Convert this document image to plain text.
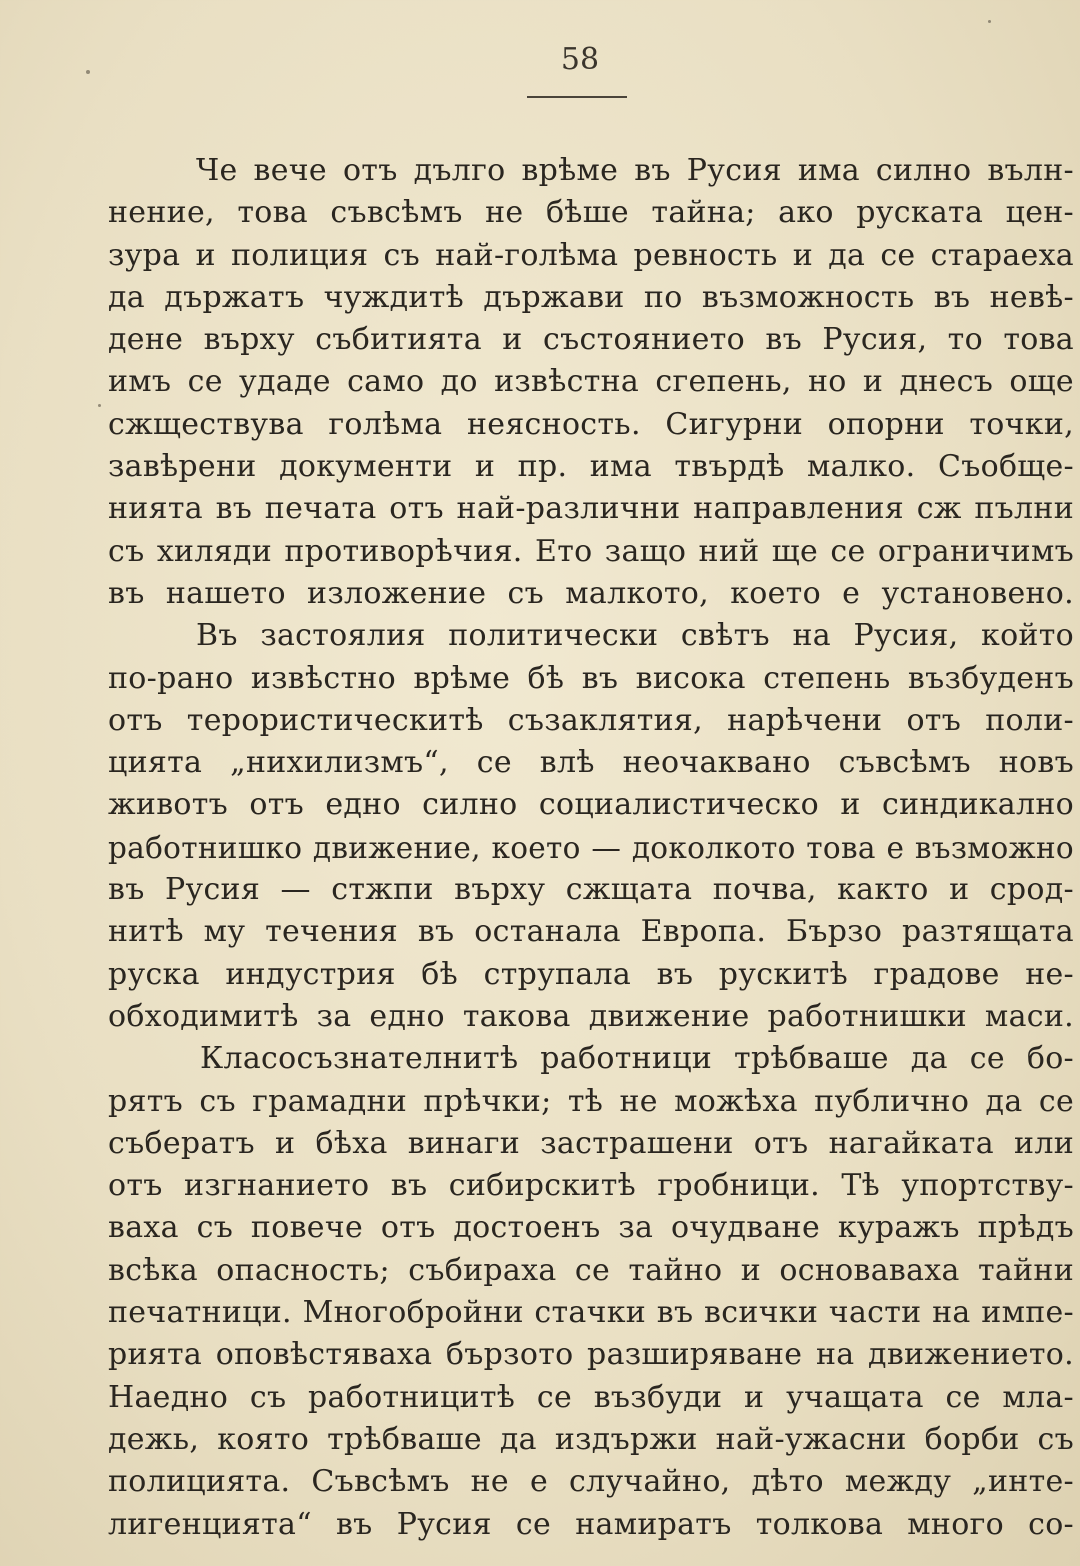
58
Че вече отъ дълго врѣме въ Русия има силно вълн-
нение, това съвсѣмъ не бѣше тайна; ако руската цен-
зура и полиция съ най-голѣма ревность и да се стараеха
да държатъ чуждитѣ държави по възможность въ невѣ-
дене върху събитията и състоянието въ Русия, то това
имъ се удаде само до извѣстна сгепень, но и днесъ още
сжществува голѣма неясность. Сигурни опорни точки,
завѣрени документи и пр. има твърдѣ малко. Съобще-
нията въ печата отъ най-различни направления сж пълни
съ хиляди противорѣчия. Ето защо ний ще се ограничимъ
въ нашето изложение съ малкото, което е установено.
Въ застоялия политически свѣтъ на Русия, който
по-рано извѣстно врѣме бѣ въ висока степень възбуденъ
отъ терористическитѣ съзаклятия, нарѣчени отъ поли-
цията „нихилизмъ“, се влѣ неочаквано съвсѣмъ новъ
животъ отъ едно силно социалистическо и синдикално
работнишко движение, което — доколкото това е възможно
въ Русия — стжпи върху сжщата почва, както и срод-
нитѣ му течения въ останала Европа. Бързо разтящата
руска индустрия бѣ струпала въ рускитѣ градове не-
обходимитѣ за едно такова движение работнишки маси.
Класосъзнателнитѣ работници трѣбваше да се бо-
рятъ съ грамадни прѣчки; тѣ не можѣха публично да се
събератъ и бѣха винаги застрашени отъ нагайката или
отъ изгнанието въ сибирскитѣ гробници. Тѣ упортству-
ваха съ повече отъ достоенъ за очудване куражъ прѣдъ
всѣка опасность; събираха се тайно и основаваха тайни
печатници. Многобройни стачки въ всички части на импе-
рията оповѣстяваха бързото разширяване на движението.
Наедно съ работницитѣ се възбуди и учащата се мла-
дежь, която трѣбваше да издържи най-ужасни борби съ
полицията. Съвсѣмъ не е случайно, дѣто между „инте-
лигенцията“ въ Русия се намиратъ толкова много со-
